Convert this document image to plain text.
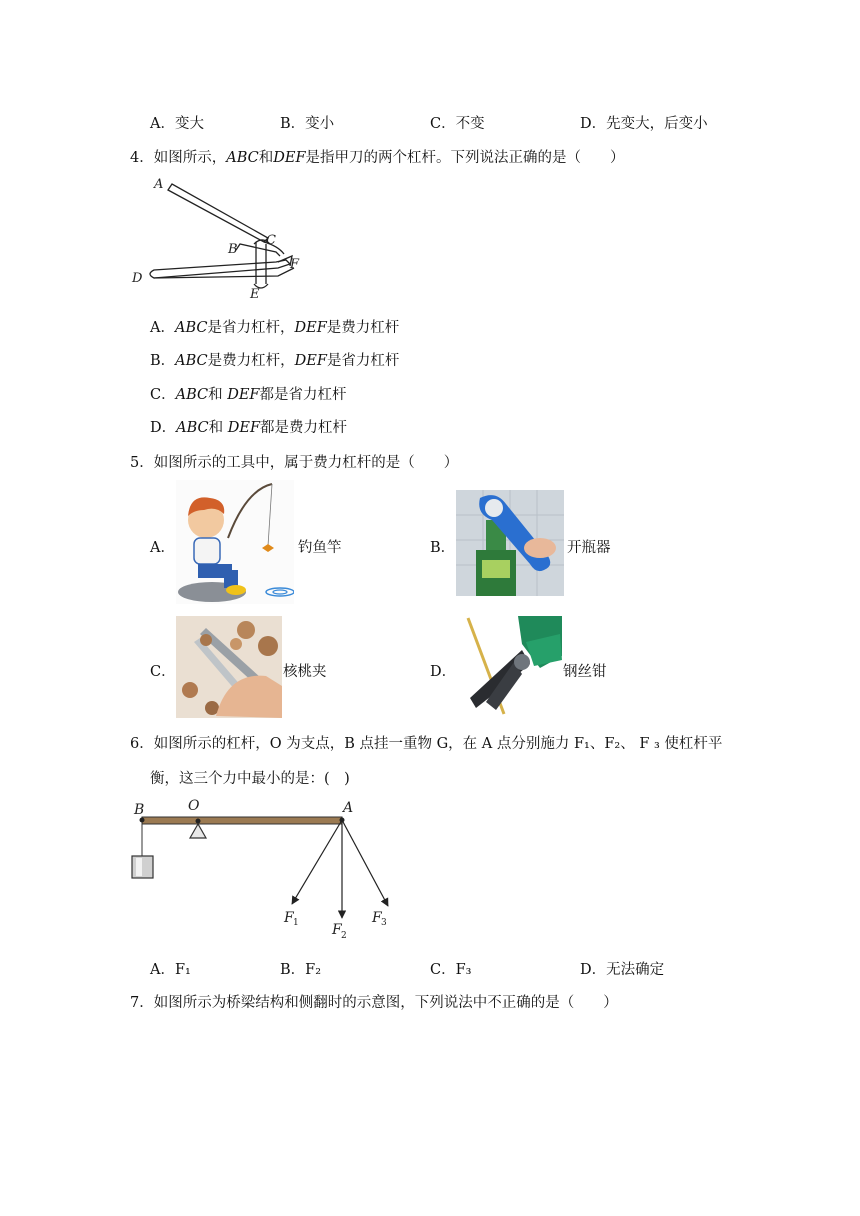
A．变大	B．变小	C．不变	D．先变大，后变小
4．如图所示，ABC和DEF是指甲刀的两个杠杆。下列说法正确的是（　　）
A
B
C
D
E
F
A．ABC是省力杠杆，DEF是费力杠杆
B．ABC是费力杠杆，DEF是省力杠杆
C．ABC和 DEF都是省力杠杆
D．ABC和 DEF都是费力杠杆
5．如图所示的工具中，属于费力杠杆的是（　　）
A．	钓鱼竿	B．	开瓶器
C．	核桃夹	D．	钢丝钳
6．如图所示的杠杆，O 为支点，B 点挂一重物 G，在 A 点分别施力 F₁、F₂、 F ₃ 使杠杆平
衡，这三个力中最小的是：(　)
B	O	A
F
F
F
1
2
3
A．F₁	B．F₂	C．F₃	D．无法确定
7．如图所示为桥梁结构和侧翻时的示意图，下列说法中不正确的是（　　）
